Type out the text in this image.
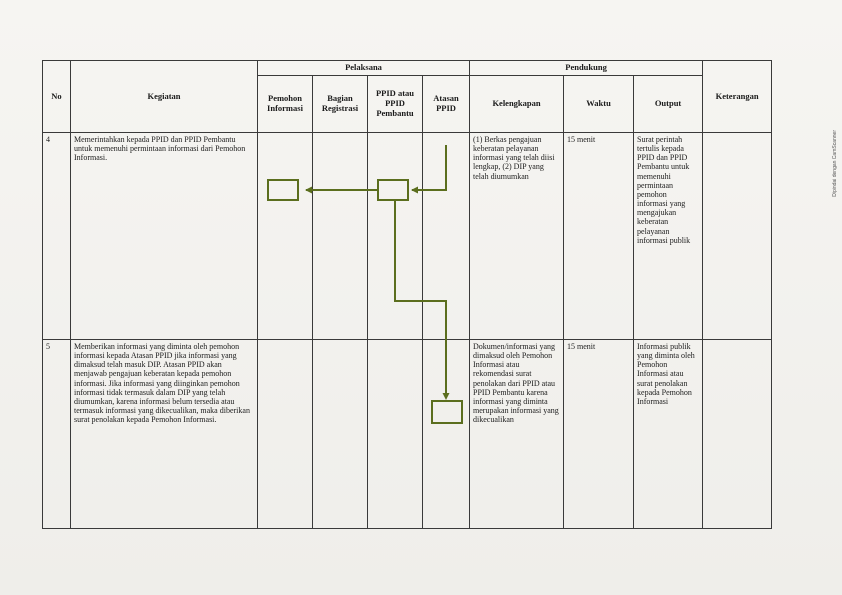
No	Kegiatan	Pelaksana				Pendukung			Keterangan
		Pemohon Informasi	Bagian Registrasi	PPID atau PPID Pembantu	Atasan PPID	Kelengkapan	Waktu	Output	
4	Memerintahkan kepada PPID dan PPID Pembantu untuk memenuhi permintaan informasi dari Pemohon Informasi.					(1) Berkas pengajuan keberatan pelayanan informasi yang telah diisi lengkap, (2) DIP yang telah diumumkan	15 menit	Surat perintah tertulis kepada PPID dan PPID Pembantu untuk memenuhi permintaan pemohon informasi yang mengajukan keberatan pelayanan informasi publik	
5	Memberikan informasi yang diminta oleh pemohon informasi kepada Atasan PPID jika informasi yang dimaksud telah masuk DIP. Atasan PPID akan menjawab pengajuan keberatan kepada pemohon informasi. Jika informasi yang diinginkan pemohon informasi tidak termasuk dalam DIP yang telah diumumkan, karena informasi belum tersedia atau termasuk informasi yang dikecualikan, maka diberikan surat penolakan kepada Pemohon Informasi.					Dokumen/informasi yang dimaksud oleh Pemohon Informasi atau rekomendasi surat penolakan dari PPID atau PPID Pembantu karena informasi yang diminta merupakan informasi yang dikecualikan	15 menit	Informasi publik yang diminta oleh Pemohon Informasi atau surat penolakan kepada Pemohon Informasi	
Dipindai dengan CamScanner
